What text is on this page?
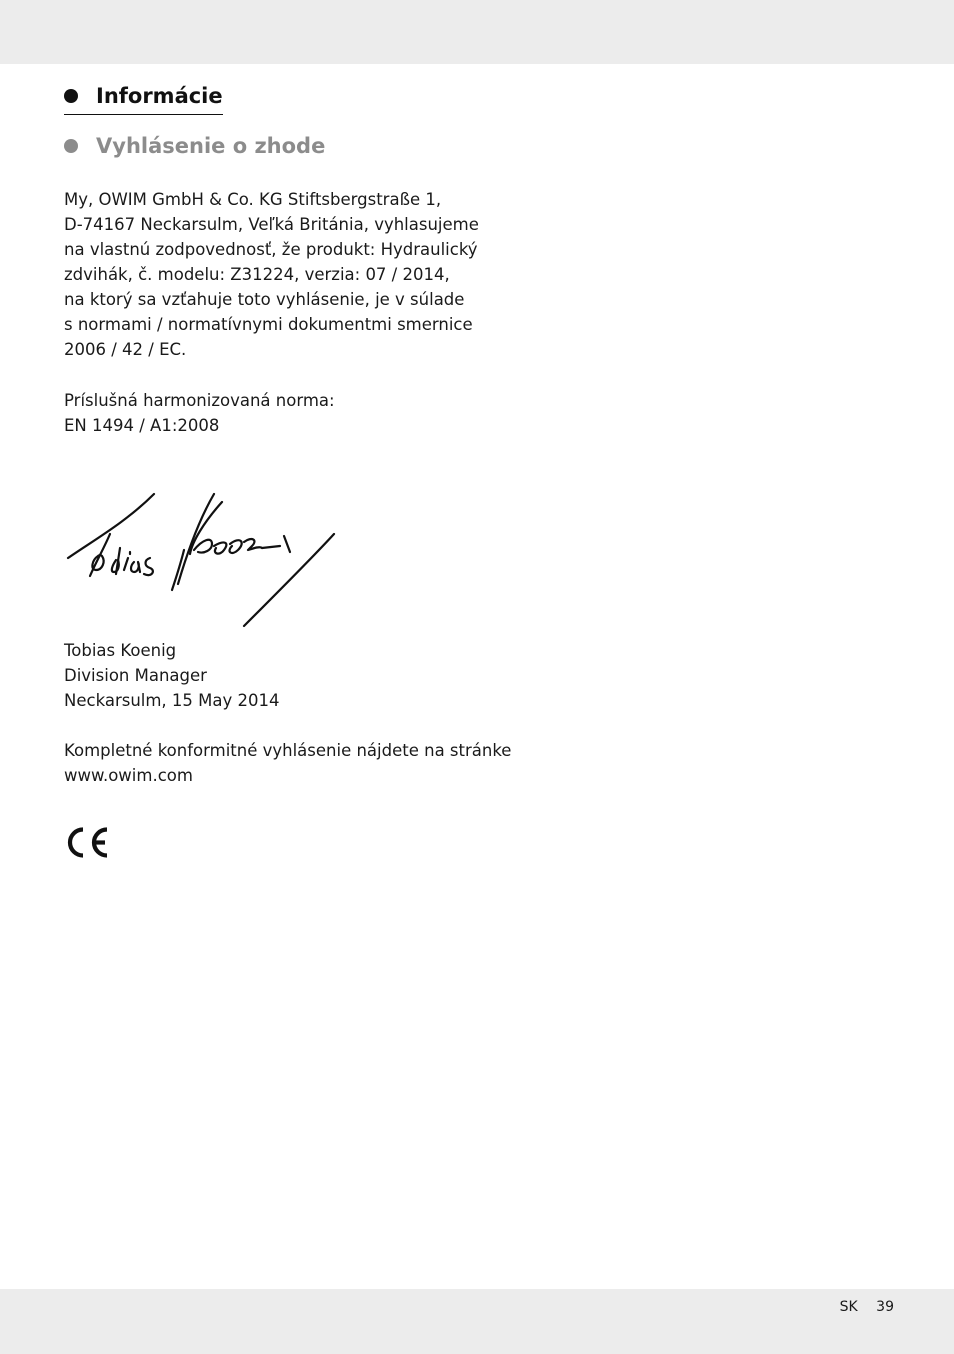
Informácie
Vyhlásenie o zhode
My, OWIM GmbH & Co. KG Stiftsbergstraße 1,
D-74167 Neckarsulm, Veľká Británia, vyhlasujeme
na vlastnú zodpovednosť, že produkt: Hydraulický
zdvihák, č. modelu: Z31224, verzia: 07 / 2014,
na ktorý sa vzťahuje toto vyhlásenie, je v súlade
s normami / normatívnymi dokumentmi smernice
2006 / 42 / EC.
Príslušná harmonizovaná norma:
EN 1494 / A1:2008
Tobias Koenig
Division Manager
Neckarsulm, 15 May 2014
Kompletné konformitné vyhlásenie nájdete na stránke
www.owim.com
SK 39
